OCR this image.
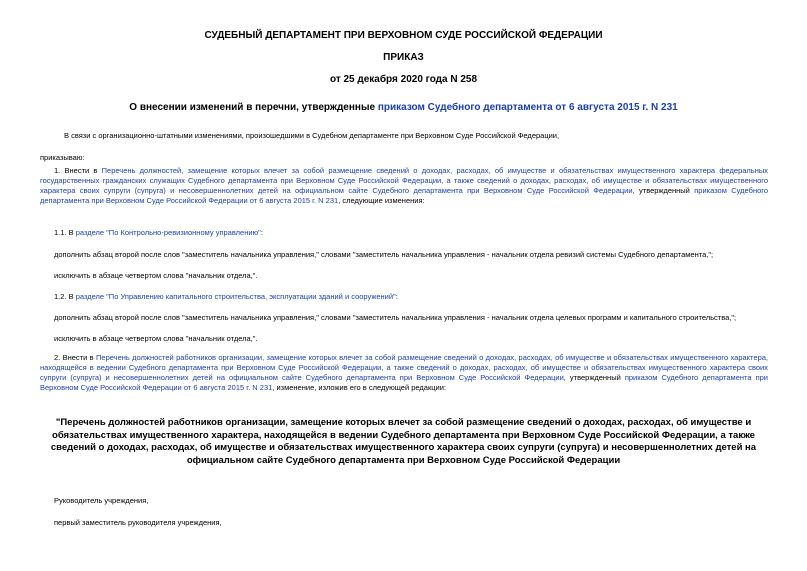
СУДЕБНЫЙ ДЕПАРТАМЕНТ ПРИ ВЕРХОВНОМ СУДЕ РОССИЙСКОЙ ФЕДЕРАЦИИ

ПРИКАЗ

от 25 декабря 2020 года N 258

О внесении изменений в перечни, утвержденные приказом Судебного департамента от 6 августа 2015 г. N 231

В связи с организационно-штатными изменениями, произошедшими в Судебном департаменте при Верховном Суде Российской Федерации,

приказываю:

1. Внести в Перечень должностей, замещение которых влечет за собой размещение сведений о доходах, расходах, об имуществе и обязательствах имущественного характера федеральных государственных гражданских служащих Судебного департамента при Верховном Суде Российской Федерации, а также сведений о доходах, расходах, об имуществе и обязательствах имущественного характера своих супруги (супруга) и несовершеннолетних детей на официальном сайте Судебного департамента при Верховном Суде Российской Федерации, утвержденный приказом Судебного департамента при Верховном Суде Российской Федерации от 6 августа 2015 г. N 231, следующие изменения:

1.1. В разделе "По Контрольно-ревизионному управлению":

дополнить абзац второй после слов "заместитель начальника управления," словами "заместитель начальника управления - начальник отдела ревизий системы Судебного департамента,";

исключить в абзаце четвертом слова "начальник отдела,".

1.2. В разделе "По Управлению капитального строительства, эксплуатации зданий и сооружений":

дополнить абзац второй после слов "заместитель начальника управления," словами "заместитель начальника управления - начальник отдела целевых программ и капитального строительства,";

исключить в абзаце четвертом слова "начальник отдела,".

2. Внести в Перечень должностей работников организации, замещение которых влечет за собой размещение сведений о доходах, расходах, об имуществе и обязательствах имущественного характера, находящейся в ведении Судебного департамента при Верховном Суде Российской Федерации, а также сведений о доходах, расходах, об имуществе и обязательствах имущественного характера своих супруги (супруга) и несовершеннолетних детей на официальном сайте Судебного департамента при Верховном Суде Российской Федерации, утвержденный приказом Судебного департамента при Верховном Суде Российской Федерации от 6 августа 2015 г. N 231, изменение, изложив его в следующей редакции:

"Перечень должностей работников организации, замещение которых влечет за собой размещение сведений о доходах, расходах, об имуществе и обязательствах имущественного характера, находящейся в ведении Судебного департамента при Верховном Суде Российской Федерации, а также сведений о доходах, расходах, об имуществе и обязательствах имущественного характера своих супруги (супруга) и несовершеннолетних детей на официальном сайте Судебного департамента при Верховном Суде Российской Федерации

Руководитель учреждения,

первый заместитель руководителя учреждения,
